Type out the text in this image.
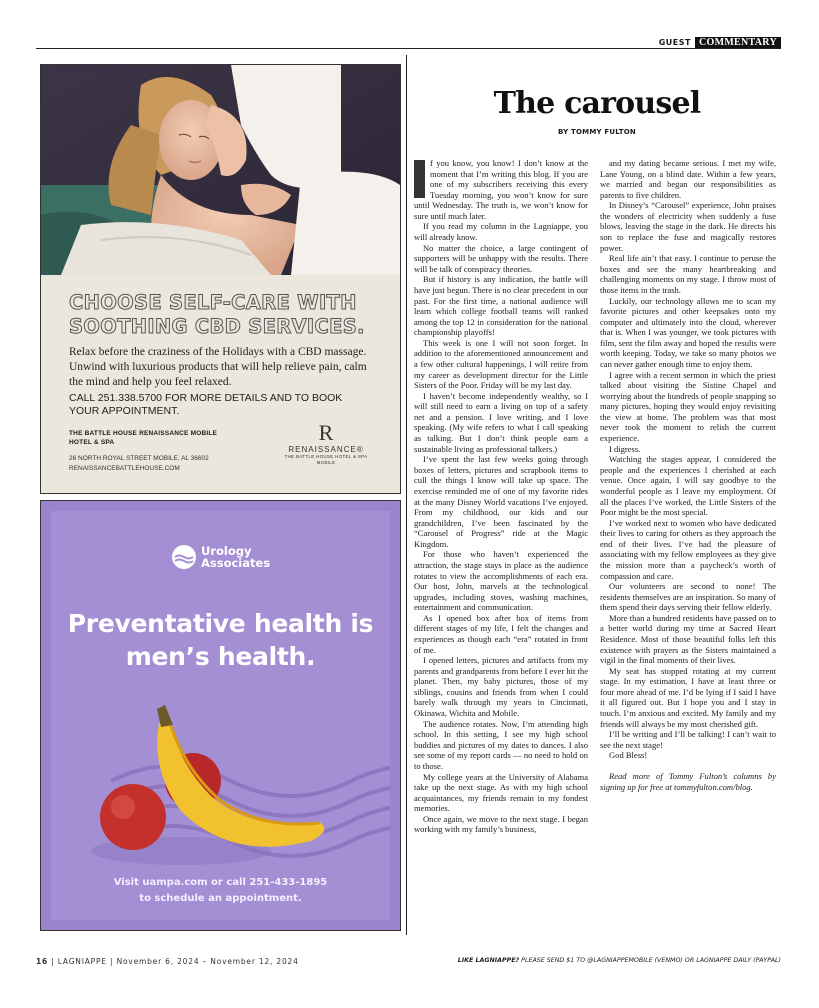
GUEST COMMENTARY
CHOOSE SELF-CARE WITH SOOTHING CBD SERVICES.
Relax before the craziness of the Holidays with a CBD massage. Unwind with luxurious products that will help relieve pain, calm the mind and help you feel relaxed.
CALL 251.338.5700 FOR MORE DETAILS AND TO BOOK YOUR APPOINTMENT.
THE BATTLE HOUSE RENAISSANCE MOBILE HOTEL & SPA
26 NORTH ROYAL STREET MOBILE, AL 36602
RENAISSANCEBATTLEHOUSE.COM
R
RENAISSANCE®
THE BATTLE HOUSE HOTEL & SPA MOBILE
Urology
Associates
Preventative health is men’s health.
Visit uampa.com or call 251-433-1895
to schedule an appointment.
The carousel
BY TOMMY FULTON

f you know, you know! I don’t know at the moment that I’m writing this blog. If you are one of my subscribers receiving this every Tuesday morning, you won’t know for sure until Wednesday. The truth is, we won’t know for sure until much later.

If you read my column in the Lagniappe, you will already know.

No matter the choice, a large contingent of supporters will be unhappy with the results. There will be talk of conspiracy theories.

But if history is any indication, the battle will have just begun. There is no clear precedent in our past. For the first time, a national audience will learn which college football teams will ranked among the top 12 in consideration for the national championship playoffs!

This week is one I will not soon forget. In addition to the aforementioned announcement and a few other cultural happenings, I will retire from my career as development director for the Little Sisters of the Poor. Friday will be my last day.

I haven’t become independently wealthy, so I will still need to earn a living on top of a safety net and a pension. I love writing, and I love speaking. (My wife refers to what I call speaking as talking. But I don’t think people earn a sustainable living as professional talkers.)

I’ve spent the last few weeks going through boxes of letters, pictures and scrapbook items to cull the things I know will take up space. The exercise reminded me of one of my favorite rides at the many Disney World vacations I’ve enjoyed. From my childhood, our kids and our grandchildren, I’ve been fascinated by the “Carousel of Progress” ride at the Magic Kingdom.

For those who haven’t experienced the attraction, the stage stays in place as the audience rotates to view the accomplishments of each era. Our host, John, marvels at the technological upgrades, including stoves, washing machines, entertainment and communication.

As I opened box after box of items from different stages of my life, I felt the changes and experiences as though each “era” rotated in front of me.

I opened letters, pictures and artifacts from my parents and grandparents from before I ever hit the planet. Then, my baby pictures, those of my siblings, cousins and friends from when I could barely walk through my years in Cincinnati, Okinawa, Wichita and Mobile.

The audience rotates. Now, I’m attending high school. In this setting, I see my high school buddies and pictures of my dates to dances. I also see some of my report cards — no need to hold on to those.

My college years at the University of Alabama take up the next stage. As with my high school acquaintances, my friends remain in my fondest memories.

Once again, we move to the next stage. I began working with my family’s business,

and my dating became serious. I met my wife, Lane Young, on a blind date. Within a few years, we married and began our responsibilities as parents to five children.

In Disney’s “Carousel” experience, John praises the wonders of electricity when suddenly a fuse blows, leaving the stage in the dark. He directs his son to replace the fuse and magically restores power.

Real life ain’t that easy. I continue to peruse the boxes and see the many heartbreaking and challenging moments on my stage. I throw most of those items in the trash.

Luckily, our technology allows me to scan my favorite pictures and other keepsakes onto my computer and ultimately into the cloud, wherever that is. When I was younger, we took pictures with film, sent the film away and hoped the results were worth keeping. Today, we take so many photos we can never gather enough time to enjoy them.

I agree with a recent sermon in which the priest talked about visiting the Sistine Chapel and worrying about the hundreds of people snapping so many pictures, hoping they would enjoy revisiting the view at home. The problem was that most never took the moment to relish the current experience.

I digress.

Watching the stages appear, I considered the people and the experiences I cherished at each venue. Once again, I will say goodbye to the wonderful people as I leave my employment. Of all the places I’ve worked, the Little Sisters of the Poor might be the most special.

I’ve worked next to women who have dedicated their lives to caring for others as they approach the end of their lives. I’ve had the pleasure of associating with my fellow employees as they give the mission more than a paycheck’s worth of compassion and care.

Our volunteers are second to none! The residents themselves are an inspiration. So many of them spend their days serving their fellow elderly.

More than a hundred residents have passed on to a better world during my time at Sacred Heart Residence. Most of those beautiful folks left this existence with prayers as the Sisters maintained a vigil in the final moments of their lives.

My seat has stopped rotating at my current stage. In my estimation, I have at least three or four more ahead of me. I’d be lying if I said I have it all figured out. But I hope you and I stay in touch. I’m anxious and excited. My family and my friends will always be my most cherished gift.

I’ll be writing and I’ll be talking! I can’t wait to see the next stage!

God Bless!

Read more of Tommy Fulton’s columns by signing up for free at tommyfulton.com/blog.

16 | LAGNIAPPE | November 6, 2024 – November 12, 2024	LIKE LAGNIAPPE? PLEASE SEND $1 TO @LAGNIAPPEMOBILE (VENMO) OR LAGNIAPPE DAILY (PAYPAL)
